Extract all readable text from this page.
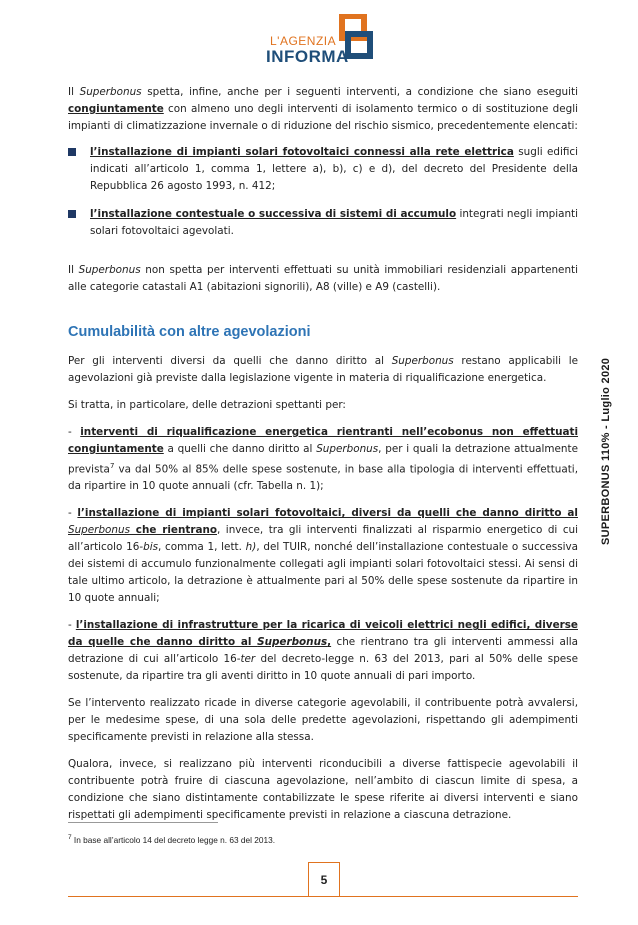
L'AGENZIA
INFORMA
SUPERBONUS 110% - Luglio 2020

Il Superbonus spetta, infine, anche per i seguenti interventi, a condizione che siano eseguiti congiuntamente con almeno uno degli interventi di isolamento termico o di sostituzione degli impianti di climatizzazione invernale o di riduzione del rischio sismico, precedentemente elencati:

l’installazione di impianti solari fotovoltaici connessi alla rete elettrica sugli edifici indicati all’articolo 1, comma 1, lettere a), b), c) e d), del decreto del Presidente della Repubblica 26 agosto 1993, n. 412;
l’installazione contestuale o successiva di sistemi di accumulo integrati negli impianti solari fotovoltaici agevolati.

Il Superbonus non spetta per interventi effettuati su unità immobiliari residenziali appartenenti alle categorie catastali A1 (abitazioni signorili), A8 (ville) e A9 (castelli).

Cumulabilità con altre agevolazioni

Per gli interventi diversi da quelli che danno diritto al Superbonus restano applicabili le agevolazioni già previste dalla legislazione vigente in materia di riqualificazione energetica.

Si tratta, in particolare, delle detrazioni spettanti per:

- interventi di riqualificazione energetica rientranti nell’ecobonus non effettuati congiuntamente a quelli che danno diritto al Superbonus, per i quali la detrazione attualmente prevista$^7$ va dal 50% al 85% delle spese sostenute, in base alla tipologia di interventi effettuati, da ripartire in 10 quote annuali (cfr. Tabella n. 1);

- l’installazione di impianti solari fotovoltaici, diversi da quelli che danno diritto al Superbonus che rientrano, invece, tra gli interventi finalizzati al risparmio energetico di cui all’articolo 16-bis, comma 1, lett. h), del TUIR, nonché dell’installazione contestuale o successiva dei sistemi di accumulo funzionalmente collegati agli impianti solari fotovoltaici stessi. Ai sensi di tale ultimo articolo, la detrazione è attualmente pari al 50% delle spese sostenute da ripartire in 10 quote annuali;

- l’installazione di infrastrutture per la ricarica di veicoli elettrici negli edifici, diverse da quelle che danno diritto al Superbonus, che rientrano tra gli interventi ammessi alla detrazione di cui all’articolo 16-ter del decreto-legge n. 63 del 2013, pari al 50% delle spese sostenute, da ripartire tra gli aventi diritto in 10 quote annuali di pari importo.

Se l’intervento realizzato ricade in diverse categorie agevolabili, il contribuente potrà avvalersi, per le medesime spese, di una sola delle predette agevolazioni, rispettando gli adempimenti specificamente previsti in relazione alla stessa.

Qualora, invece, si realizzano più interventi riconducibili a diverse fattispecie agevolabili il contribuente potrà fruire di ciascuna agevolazione, nell’ambito di ciascun limite di spesa, a condizione che siano distintamente contabilizzate le spese riferite ai diversi interventi e siano rispettati gli adempimenti specificamente previsti in relazione a ciascuna detrazione.

$^7$ In base all’articolo 14 del decreto legge n. 63 del 2013.
5
